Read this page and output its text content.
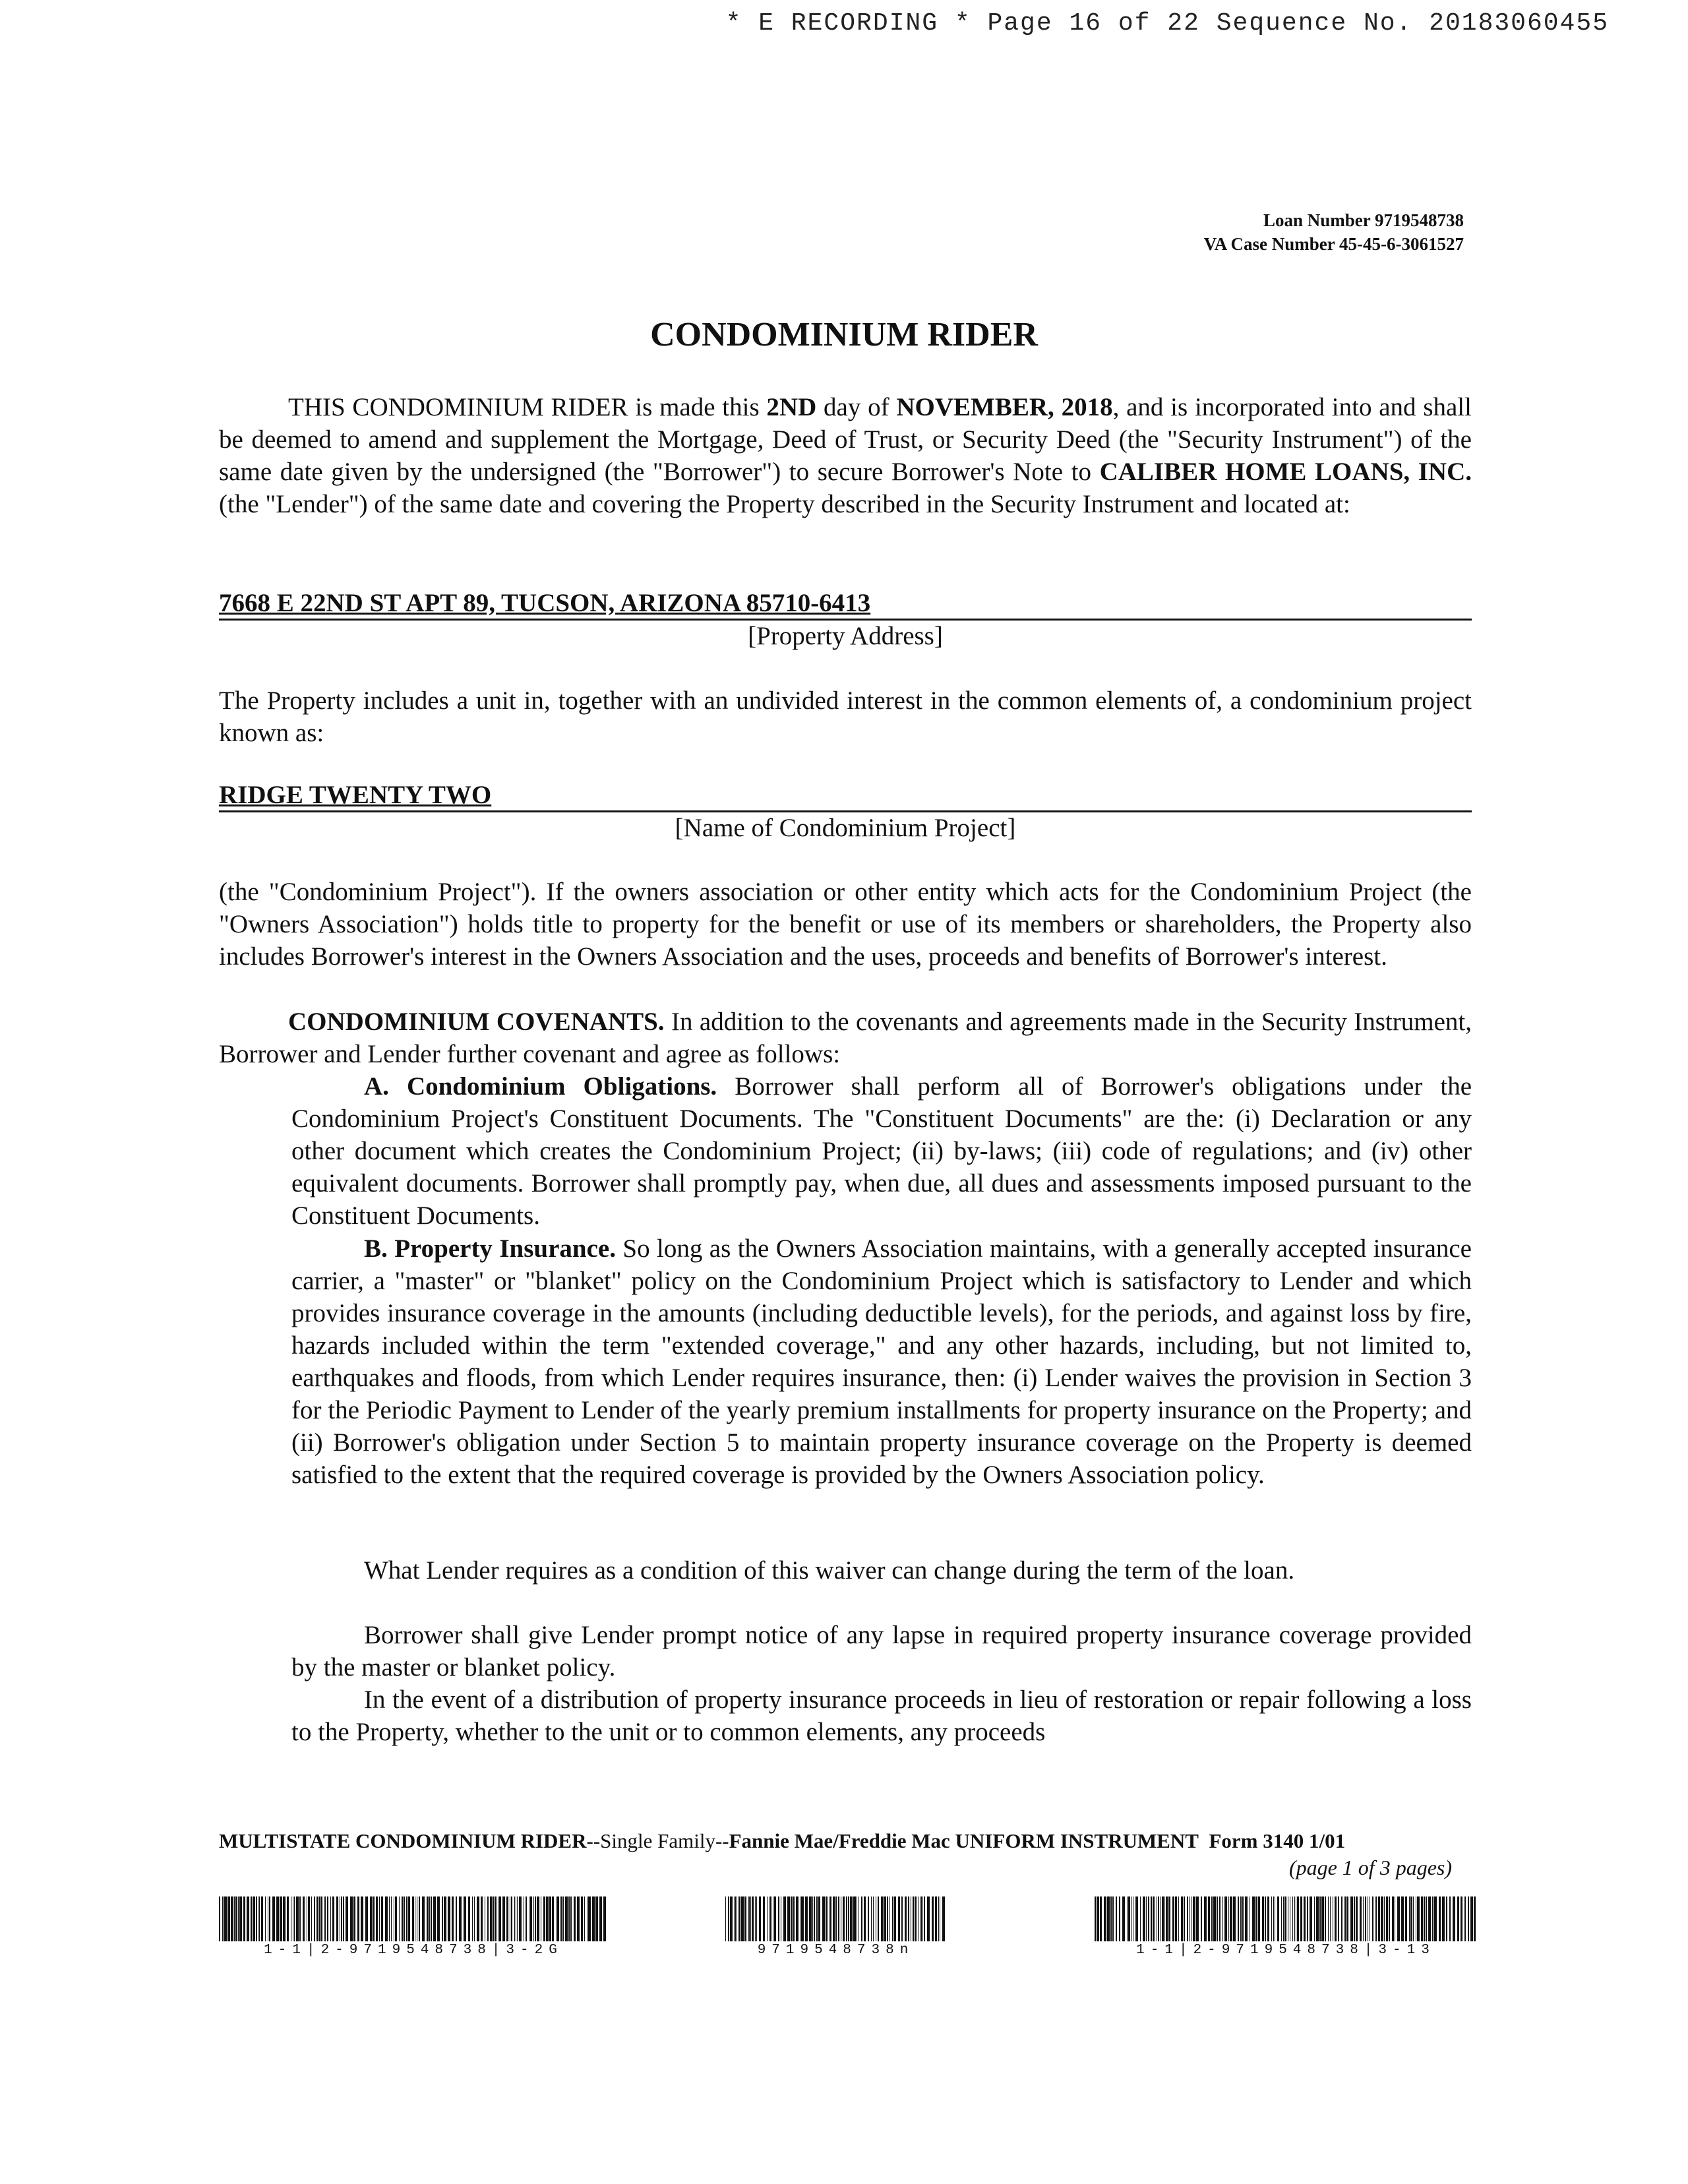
* E RECORDING * Page 16 of 22 Sequence No. 20183060455
Loan Number 9719548738
VA Case Number 45-45-6-3061527
CONDOMINIUM RIDER
THIS CONDOMINIUM RIDER is made this 2ND day of NOVEMBER, 2018, and is incorporated into and shall be deemed to amend and supplement the Mortgage, Deed of Trust, or Security Deed (the "Security Instrument") of the same date given by the undersigned (the "Borrower") to secure Borrower's Note to CALIBER HOME LOANS, INC. (the "Lender") of the same date and covering the Property described in the Security Instrument and located at:
7668 E 22ND ST APT 89, TUCSON, ARIZONA 85710-6413
[Property Address]
The Property includes a unit in, together with an undivided interest in the common elements of, a condominium project known as:
RIDGE TWENTY TWO
[Name of Condominium Project]
(the "Condominium Project"). If the owners association or other entity which acts for the Condominium Project (the "Owners Association") holds title to property for the benefit or use of its members or shareholders, the Property also includes Borrower's interest in the Owners Association and the uses, proceeds and benefits of Borrower's interest.
CONDOMINIUM COVENANTS. In addition to the covenants and agreements made in the Security Instrument, Borrower and Lender further covenant and agree as follows:
A. Condominium Obligations. Borrower shall perform all of Borrower's obligations under the Condominium Project's Constituent Documents. The "Constituent Documents" are the: (i) Declaration or any other document which creates the Condominium Project; (ii) by-laws; (iii) code of regulations; and (iv) other equivalent documents. Borrower shall promptly pay, when due, all dues and assessments imposed pursuant to the Constituent Documents.
B. Property Insurance. So long as the Owners Association maintains, with a generally accepted insurance carrier, a "master" or "blanket" policy on the Condominium Project which is satisfactory to Lender and which provides insurance coverage in the amounts (including deductible levels), for the periods, and against loss by fire, hazards included within the term "extended coverage," and any other hazards, including, but not limited to, earthquakes and floods, from which Lender requires insurance, then: (i) Lender waives the provision in Section 3 for the Periodic Payment to Lender of the yearly premium installments for property insurance on the Property; and (ii) Borrower's obligation under Section 5 to maintain property insurance coverage on the Property is deemed satisfied to the extent that the required coverage is provided by the Owners Association policy.
What Lender requires as a condition of this waiver can change during the term of the loan.
Borrower shall give Lender prompt notice of any lapse in required property insurance coverage provided by the master or blanket policy.
In the event of a distribution of property insurance proceeds in lieu of restoration or repair following a loss to the Property, whether to the unit or to common elements, any proceeds
MULTISTATE CONDOMINIUM RIDER--Single Family--Fannie Mae/Freddie Mac UNIFORM INSTRUMENT Form 3140 1/01
(page 1 of 3 pages)
1-1|2-9719548738|3-2G	9719548738n	1-1|2-9719548738|3-13
